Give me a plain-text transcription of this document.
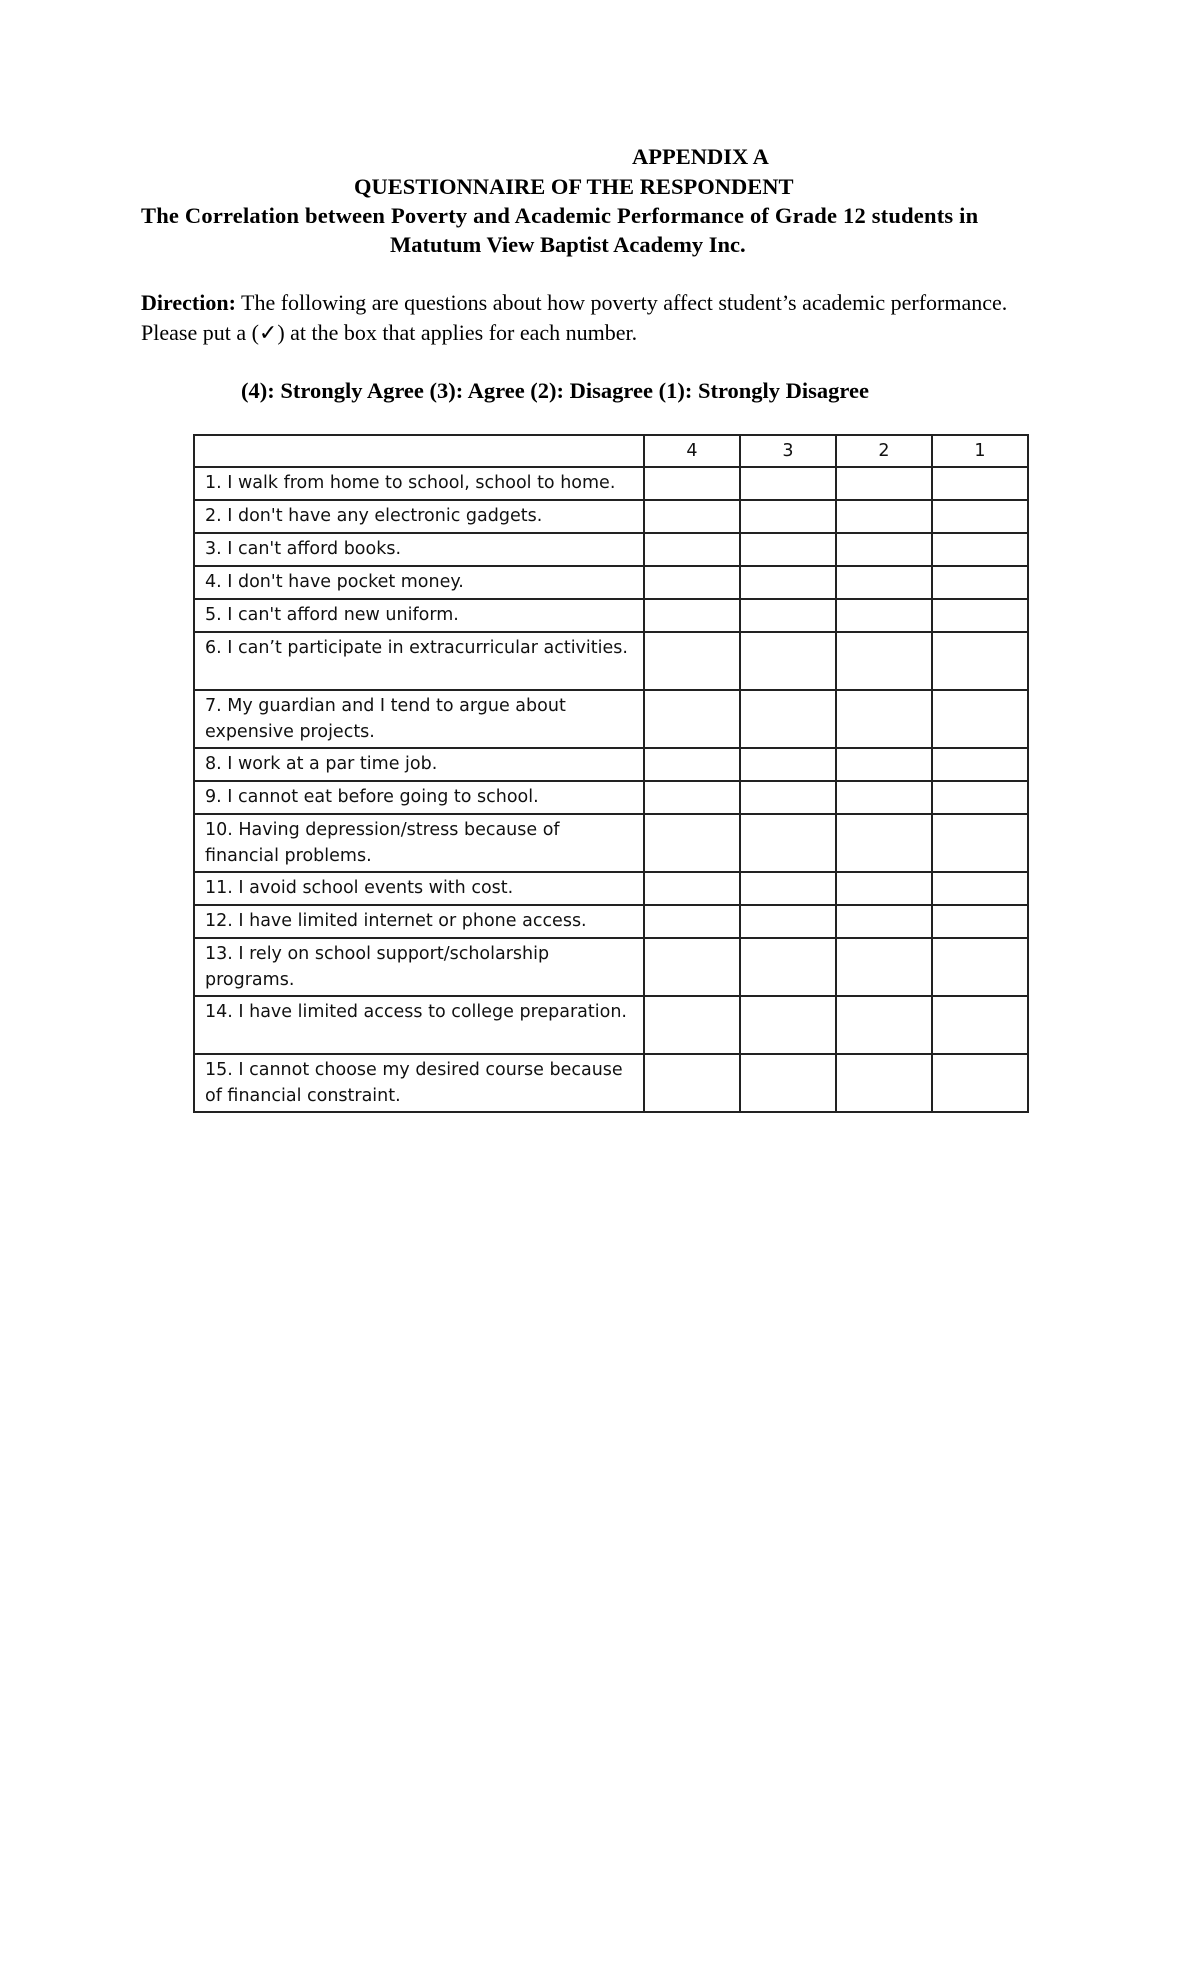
APPENDIX A
QUESTIONNAIRE OF THE RESPONDENT
The Correlation between Poverty and Academic Performance of Grade 12 students in
Matutum View Baptist Academy Inc.
Direction: The following are questions about how poverty affect student’s academic performance. Please put a (✓) at the box that applies for each number.
(4): Strongly Agree (3): Agree (2): Disagree (1): Strongly Disagree
	4	3	2	1
1. I walk from home to school, school to home.				
2. I don't have any electronic gadgets.				
3. I can't afford books.				
4. I don't have pocket money.				
5. I can't afford new uniform.				
6. I can’t participate in extracurricular activities.				
7. My guardian and I tend to argue about expensive projects.				
8. I work at a par time job.				
9. I cannot eat before going to school.				
10. Having depression/stress because of financial problems.				
11. I avoid school events with cost.				
12. I have limited internet or phone access.				
13. I rely on school support/scholarship programs.				
14. I have limited access to college preparation.				
15. I cannot choose my desired course because of financial constraint.				
